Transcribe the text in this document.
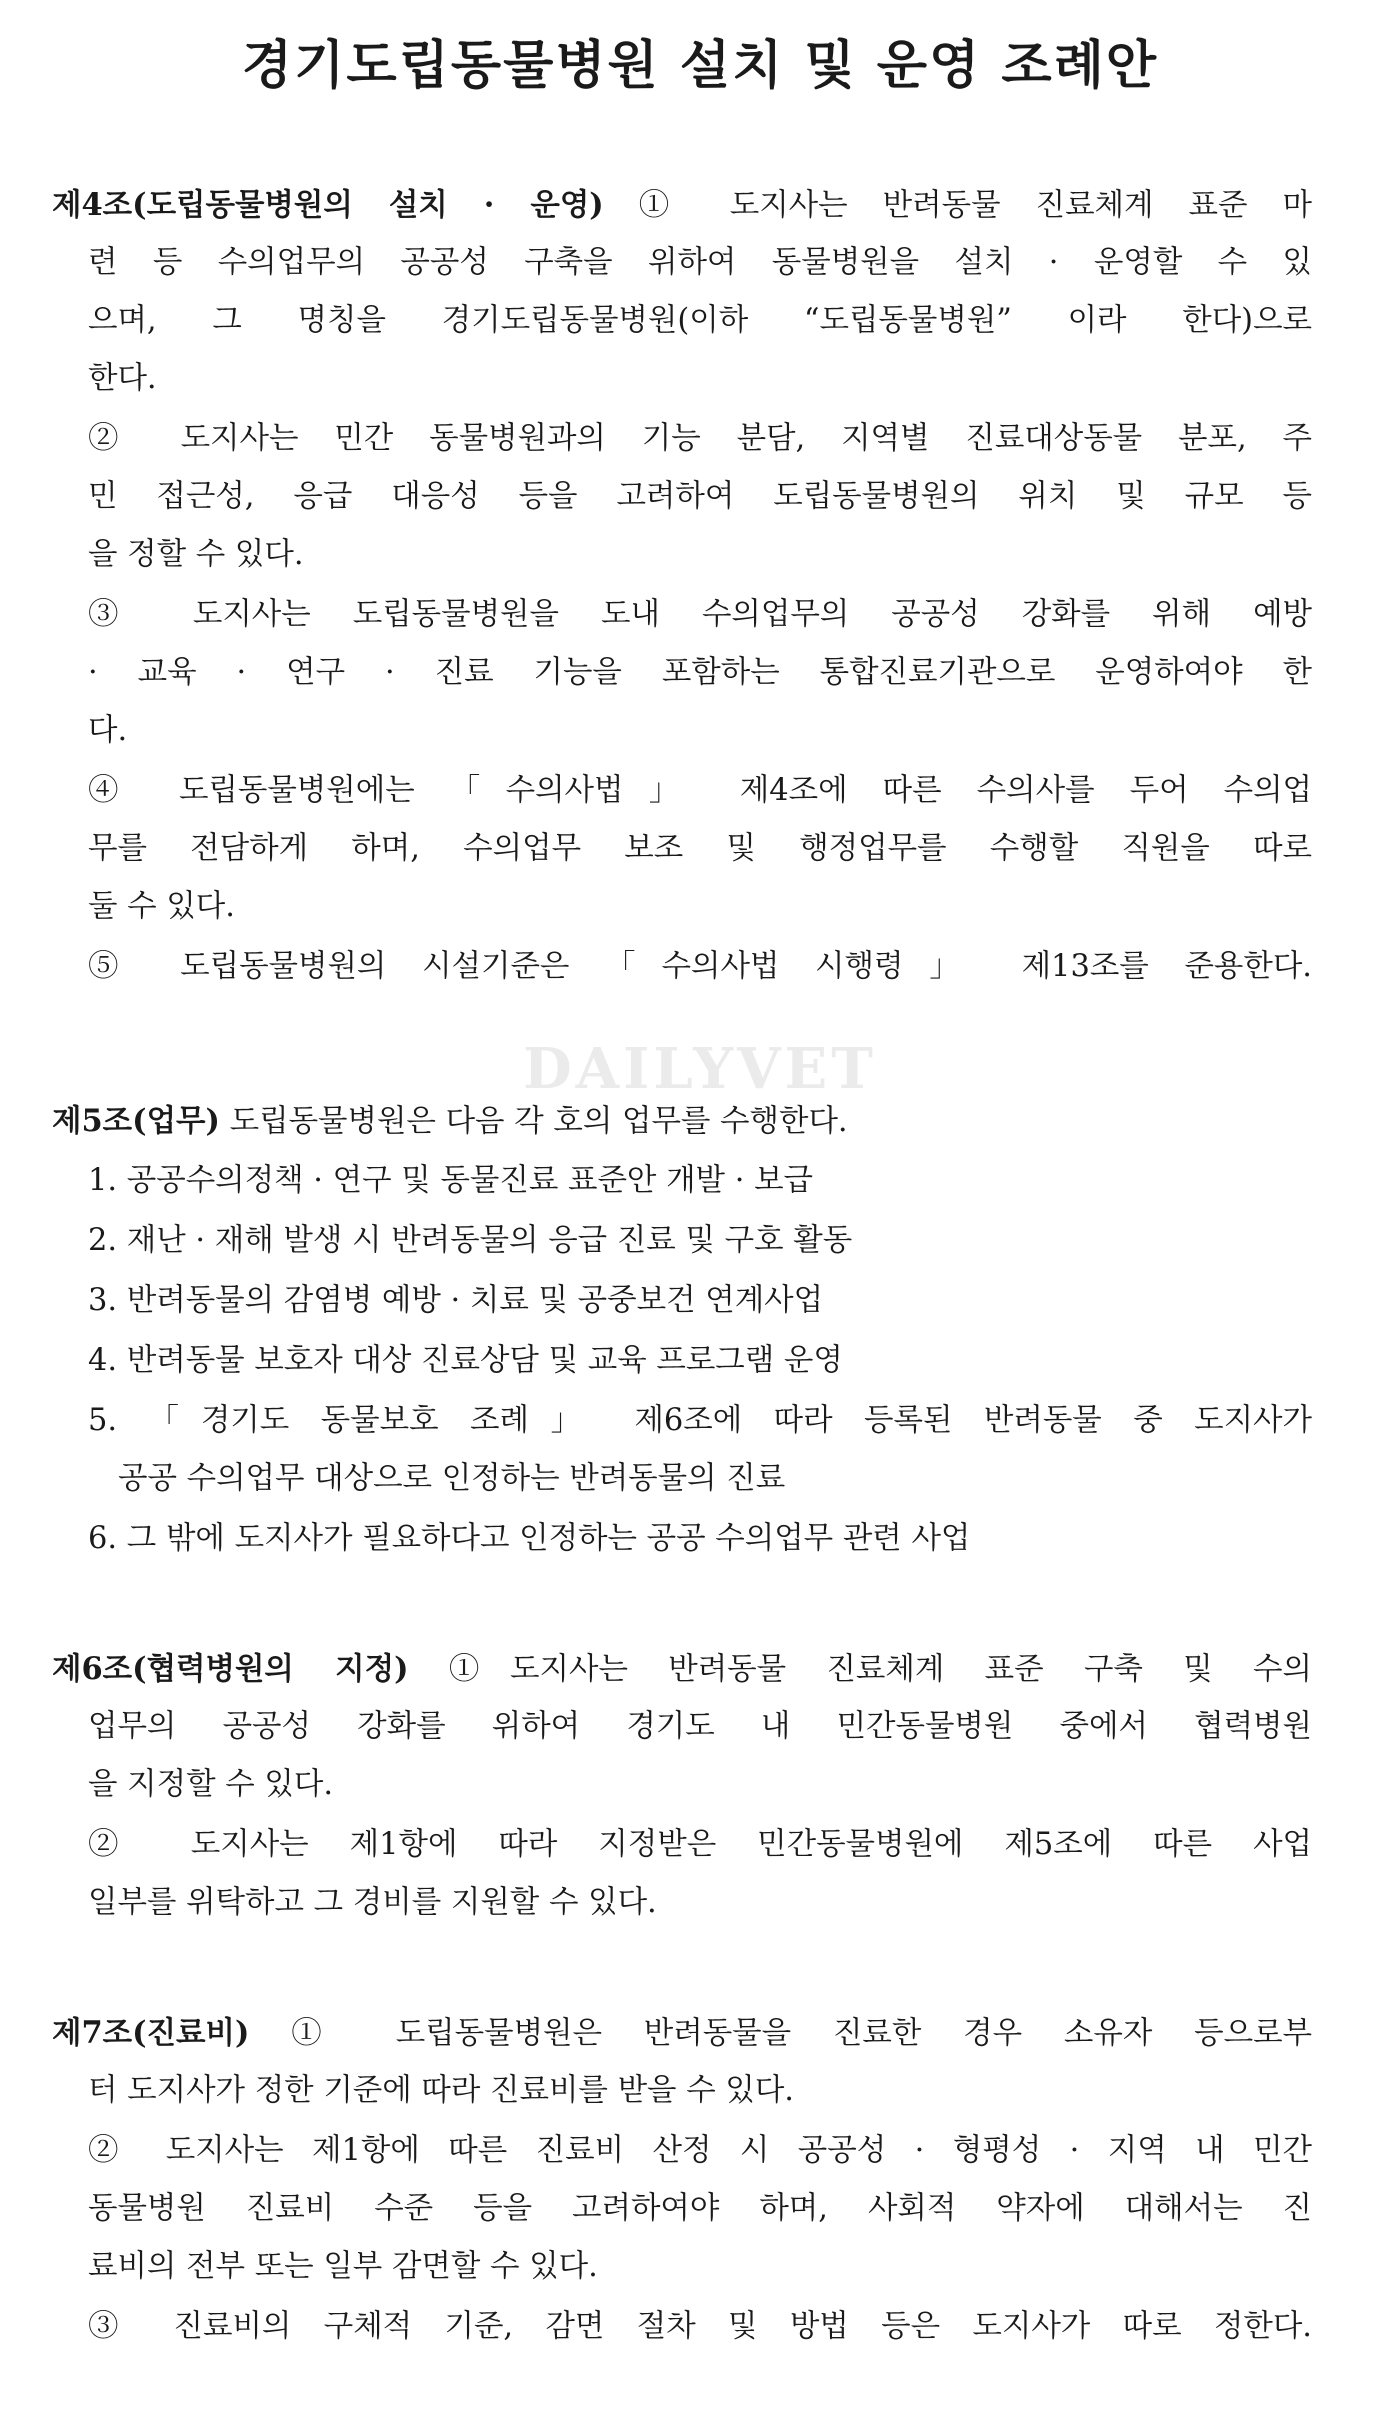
경기도립동물병원 설치 및 운영 조례안
DAILYVET
제4조(도립동물병원의 설치 · 운영) ① 도지사는 반려동물 진료체계 표준 마
련 등 수의업무의 공공성 구축을 위하여 동물병원을 설치 · 운영할 수 있
으며, 그 명칭을 경기도립동물병원(이하 “도립동물병원” 이라 한다)으로
한다.
② 도지사는 민간 동물병원과의 기능 분담, 지역별 진료대상동물 분포, 주
민 접근성, 응급 대응성 등을 고려하여 도립동물병원의 위치 및 규모 등
을 정할 수 있다.
③ 도지사는 도립동물병원을 도내 수의업무의 공공성 강화를 위해 예방
· 교육 · 연구 · 진료 기능을 포함하는 통합진료기관으로 운영하여야 한
다.
④ 도립동물병원에는 「수의사법」 제4조에 따른 수의사를 두어 수의업
무를 전담하게 하며, 수의업무 보조 및 행정업무를 수행할 직원을 따로
둘 수 있다.
⑤ 도립동물병원의 시설기준은 「수의사법 시행령」 제13조를 준용한다.
제5조(업무) 도립동물병원은 다음 각 호의 업무를 수행한다.
1. 공공수의정책 · 연구 및 동물진료 표준안 개발 · 보급
2. 재난 · 재해 발생 시 반려동물의 응급 진료 및 구호 활동
3. 반려동물의 감염병 예방 · 치료 및 공중보건 연계사업
4. 반려동물 보호자 대상 진료상담 및 교육 프로그램 운영
5. 「경기도 동물보호 조례」 제6조에 따라 등록된 반려동물 중 도지사가
공공 수의업무 대상으로 인정하는 반려동물의 진료
6. 그 밖에 도지사가 필요하다고 인정하는 공공 수의업무 관련 사업
제6조(협력병원의 지정) ①도지사는 반려동물 진료체계 표준 구축 및 수의
업무의 공공성 강화를 위하여 경기도 내 민간동물병원 중에서 협력병원
을 지정할 수 있다.
② 도지사는 제1항에 따라 지정받은 민간동물병원에 제5조에 따른 사업
일부를 위탁하고 그 경비를 지원할 수 있다.
제7조(진료비) ① 도립동물병원은 반려동물을 진료한 경우 소유자 등으로부
터 도지사가 정한 기준에 따라 진료비를 받을 수 있다.
② 도지사는 제1항에 따른 진료비 산정 시 공공성 · 형평성 · 지역 내 민간
동물병원 진료비 수준 등을 고려하여야 하며, 사회적 약자에 대해서는 진
료비의 전부 또는 일부 감면할 수 있다.
③ 진료비의 구체적 기준, 감면 절차 및 방법 등은 도지사가 따로 정한다.
